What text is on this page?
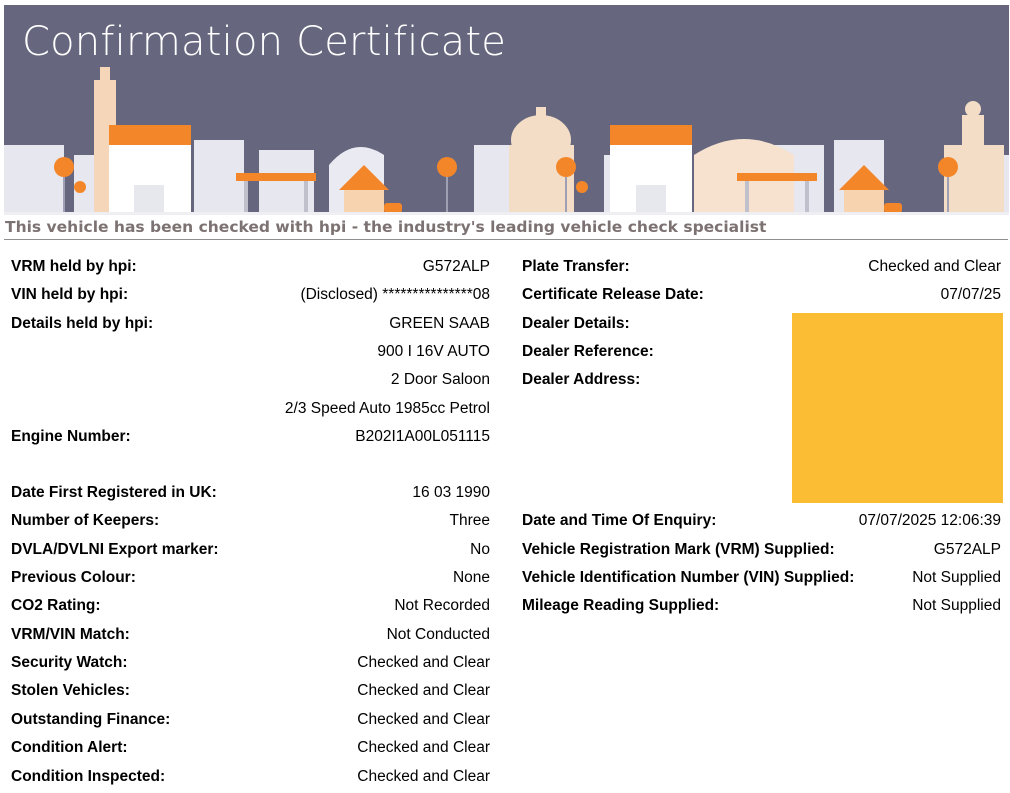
Confirmation Certificate
This vehicle has been checked with hpi - the industry's leading vehicle check specialist
VRM held by hpi:	G572ALP
VIN held by hpi:	(Disclosed) ***************08
Details held by hpi:	GREEN SAAB
900 I 16V AUTO
2 Door Saloon
2/3 Speed Auto 1985cc Petrol
Engine Number:	B202I1A00L051115
Date First Registered in UK:	16 03 1990
Number of Keepers:	Three
DVLA/DVLNI Export marker:	No
Previous Colour:	None
CO2 Rating:	Not Recorded
VRM/VIN Match:	Not Conducted
Security Watch:	Checked and Clear
Stolen Vehicles:	Checked and Clear
Outstanding Finance:	Checked and Clear
Condition Alert:	Checked and Clear
Condition Inspected:	Checked and Clear
Plate Transfer:	Checked and Clear
Certificate Release Date:	07/07/25
Dealer Details:
Dealer Reference:
Dealer Address:
Date and Time Of Enquiry:	07/07/2025 12:06:39
Vehicle Registration Mark (VRM) Supplied:	G572ALP
Vehicle Identification Number (VIN) Supplied:	Not Supplied
Mileage Reading Supplied:	Not Supplied
